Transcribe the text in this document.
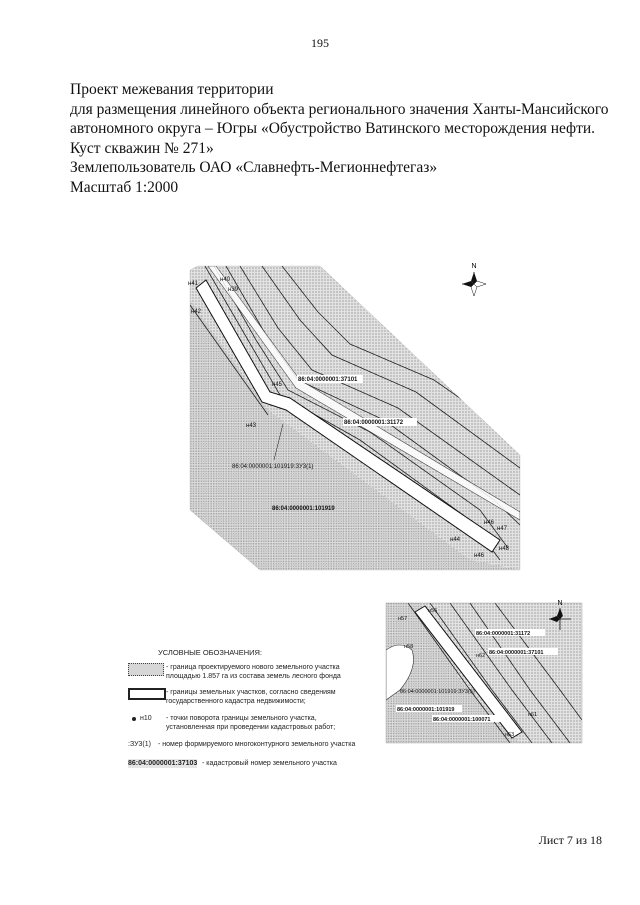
195
Проект межевания территории
для размещения линейного объекта регионального значения Ханты-Мансийского
автономного округа – Югры «Обустройство Ватинского месторождения нефти.
Куст скважин № 271»
Землепользователь ОАО «Славнефть-Мегионнефтегаз»
Масштаб 1:2000
н41
н40
н39
н42
н43
н45
н46
н44
н47
н48
н46
86:04:0000001:37101
86:04:0000001:31172
86:04:0000001:101919:ЗУ3(1)
86:04:0000001:101919
N
н57
н56
н58
н62
н63
н61
86:04:0000001:31172
86:04:0000001:37101
86:04:0000001:101919:ЗУ3(5)
86:04:0000001:101919
86:04:0000001:100071
N
УСЛОВНЫЕ ОБОЗНАЧЕНИЯ:
- граница проектируемого нового земельного участка
площадью 1.857 га из состава земель лесного фонда
- границы земельных участков, согласно сведениям
государственного кадастра недвижимости;
н10 - точки поворота границы земельного участка,
установленная при проведении кадастровых работ;
:ЗУ3(1) - номер формируемого многоконтурного земельного участка
86:04:0000001:37103 - кадастровый номер земельного участка
Лист 7 из 18
